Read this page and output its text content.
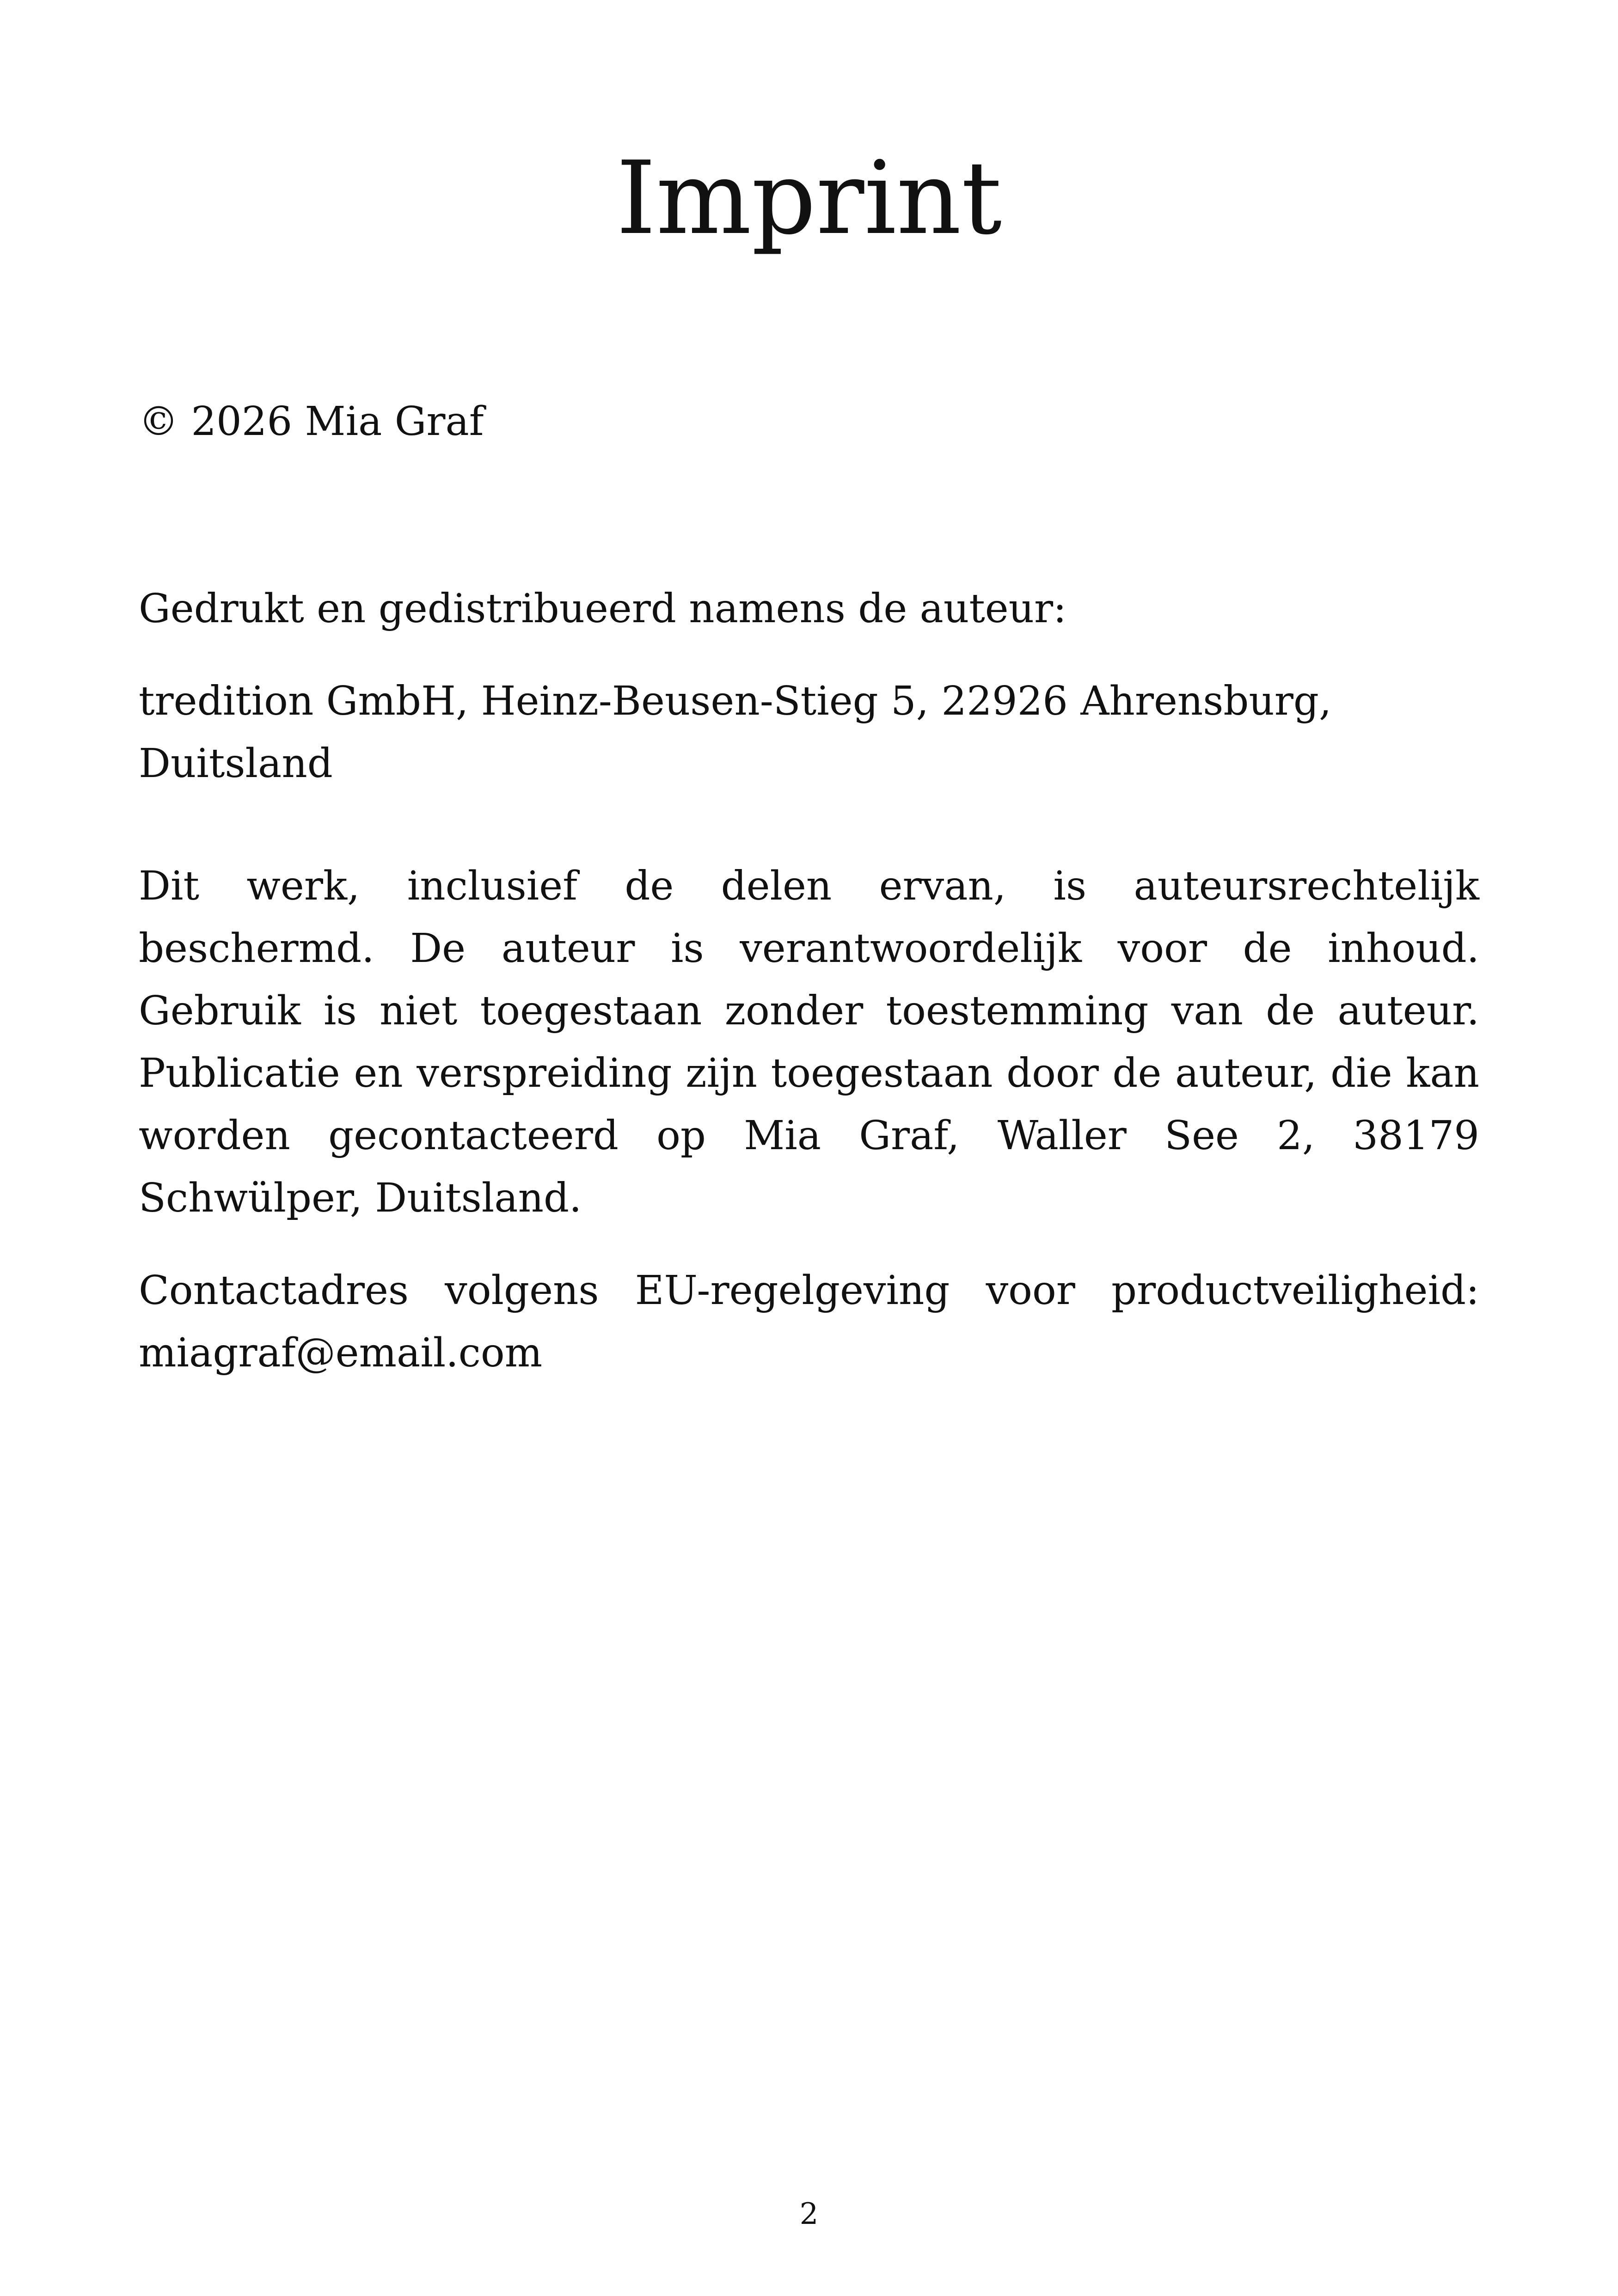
Imprint

© 2026 Mia Graf

Gedrukt en gedistribueerd namens de auteur:

tredition GmbH, Heinz-Beusen-Stieg 5, 22926 Ahrensburg, Duitsland

Dit werk, inclusief de delen ervan, is auteursrechtelijk beschermd. De auteur is verantwoordelijk voor de inhoud. Gebruik is niet toegestaan zonder toestemming van de auteur. Publicatie en verspreiding zijn toegestaan door de auteur, die kan worden gecontacteerd op Mia Graf, Waller See 2, 38179 Schwülper, Duitsland.

Contactadres volgens EU-regelgeving voor productveiligheid: miagraf@email.com

2
